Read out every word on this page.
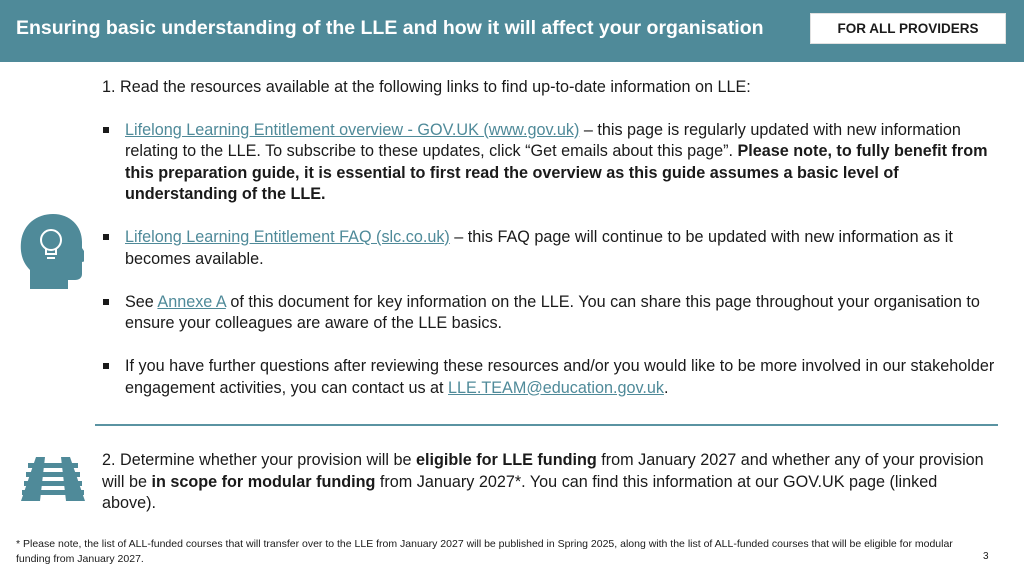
Ensuring basic understanding of the LLE and how it will affect your organisation	FOR ALL PROVIDERS

1. Read the resources available at the following links to find up-to-date information on LLE:

Lifelong Learning Entitlement overview - GOV.UK (www.gov.uk) – this page is regularly updated with new information relating to the LLE. To subscribe to these updates, click “Get emails about this page”. Please note, to fully benefit from this preparation guide, it is essential to first read the overview as this guide assumes a basic level of understanding of the LLE.
Lifelong Learning Entitlement FAQ (slc.co.uk) – this FAQ page will continue to be updated with new information as it becomes available.
See Annexe A of this document for key information on the LLE. You can share this page throughout your organisation to ensure your colleagues are aware of the LLE basics.
If you have further questions after reviewing these resources and/or you would like to be more involved in our stakeholder engagement activities, you can contact us at LLE.TEAM@education.gov.uk.
2. Determine whether your provision will be eligible for LLE funding from January 2027 and whether any of your provision will be in scope for modular funding from January 2027*. You can find this information at our GOV.UK page (linked above).
* Please note, the list of ALL-funded courses that will transfer over to the LLE from January 2027 will be published in Spring 2025, along with the list of ALL-funded courses that will be eligible for modular funding from January 2027.	3
